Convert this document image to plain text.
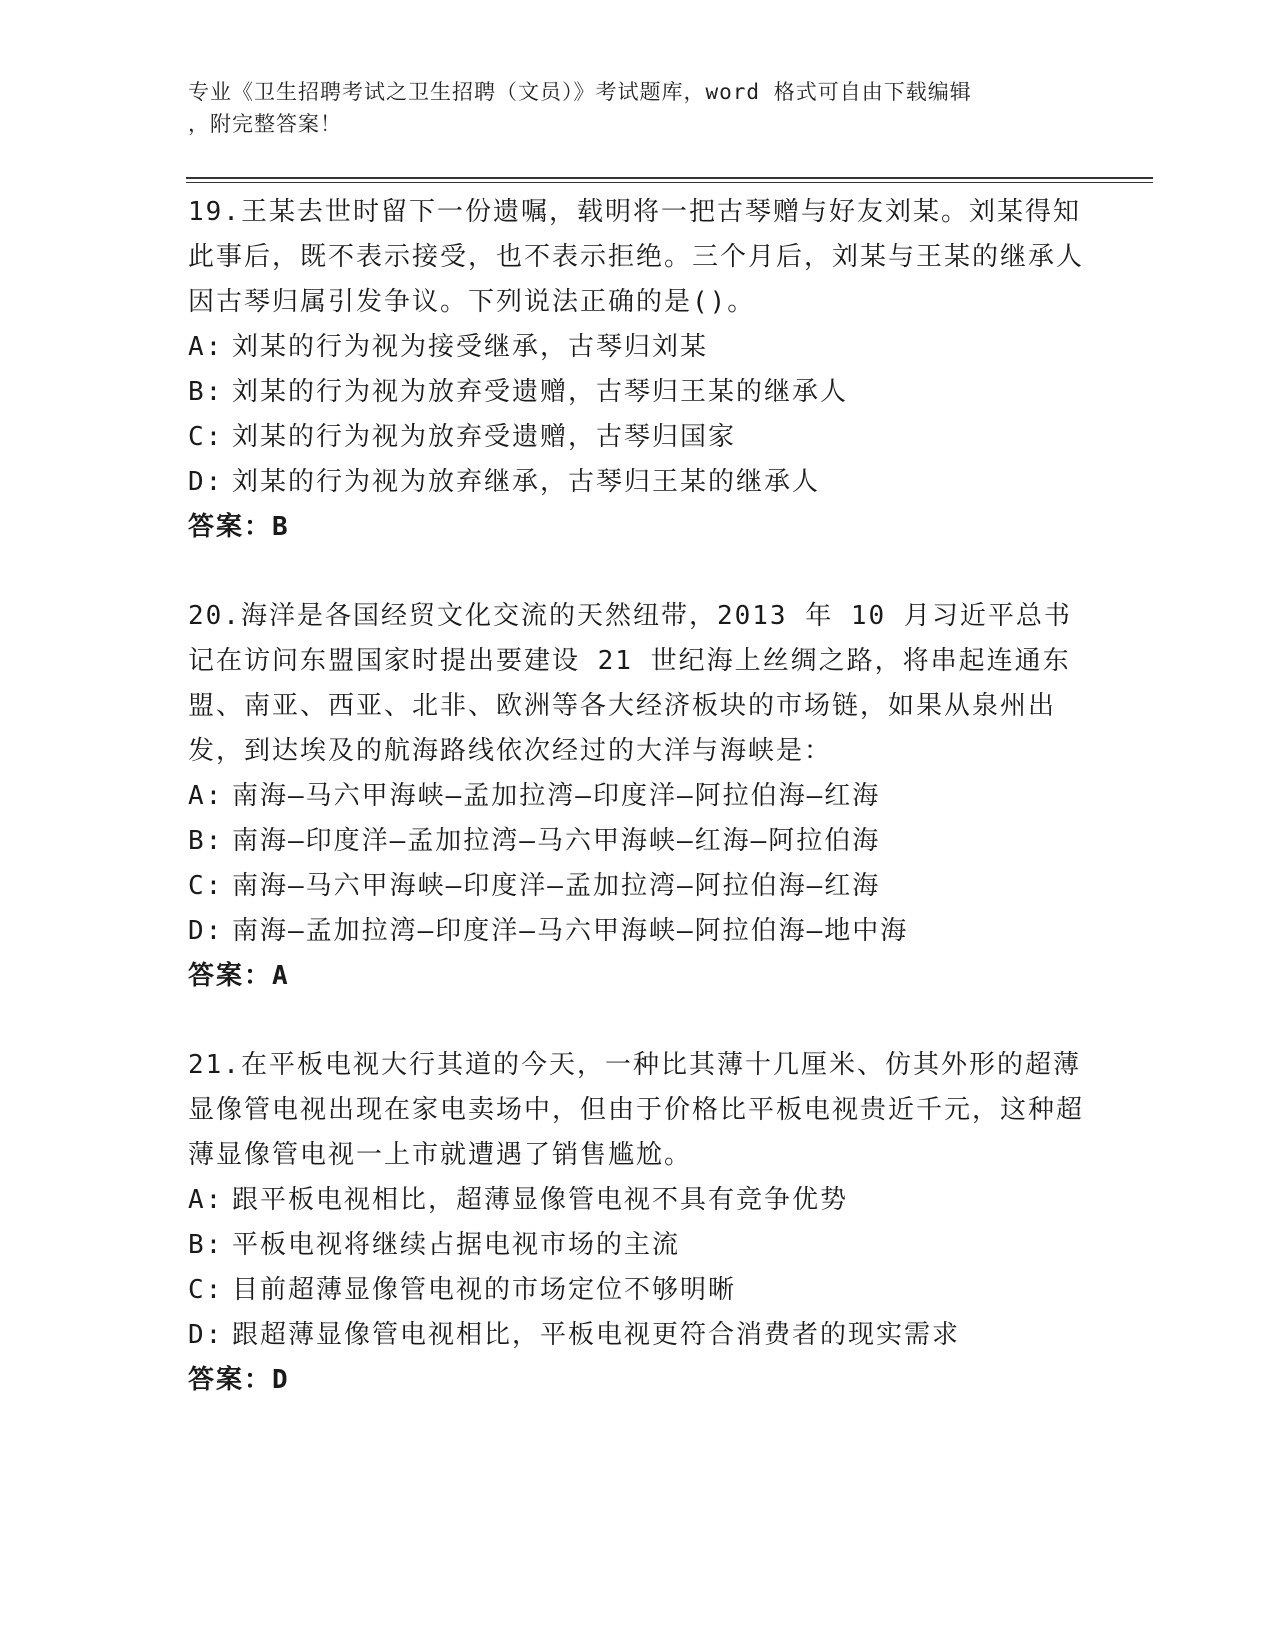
专业《卫生招聘考试之卫生招聘（文员）》考试题库，word 格式可自由下载编辑
，附完整答案！

19.王某去世时留下一份遗嘱，载明将一把古琴赠与好友刘某。刘某得知此事后，既不表示接受，也不表示拒绝。三个月后，刘某与王某的继承人因古琴归属引发争议。下列说法正确的是()。

A: 刘某的行为视为接受继承，古琴归刘某

B: 刘某的行为视为放弃受遗赠，古琴归王某的继承人

C: 刘某的行为视为放弃受遗赠，古琴归国家

D: 刘某的行为视为放弃继承，古琴归王某的继承人

答案：B

20.海洋是各国经贸文化交流的天然纽带，2013 年 10 月习近平总书记在访问东盟国家时提出要建设 21 世纪海上丝绸之路，将串起连通东盟、南亚、西亚、北非、欧洲等各大经济板块的市场链，如果从泉州出发，到达埃及的航海路线依次经过的大洋与海峡是：

A: 南海—马六甲海峡—孟加拉湾—印度洋—阿拉伯海—红海

B: 南海—印度洋—孟加拉湾—马六甲海峡—红海—阿拉伯海

C: 南海—马六甲海峡—印度洋—孟加拉湾—阿拉伯海—红海

D: 南海—孟加拉湾—印度洋—马六甲海峡—阿拉伯海—地中海

答案：A

21.在平板电视大行其道的今天，一种比其薄十几厘米、仿其外形的超薄显像管电视出现在家电卖场中，但由于价格比平板电视贵近千元，这种超薄显像管电视一上市就遭遇了销售尴尬。

A: 跟平板电视相比，超薄显像管电视不具有竞争优势

B: 平板电视将继续占据电视市场的主流

C: 目前超薄显像管电视的市场定位不够明晰

D: 跟超薄显像管电视相比，平板电视更符合消费者的现实需求

答案：D
